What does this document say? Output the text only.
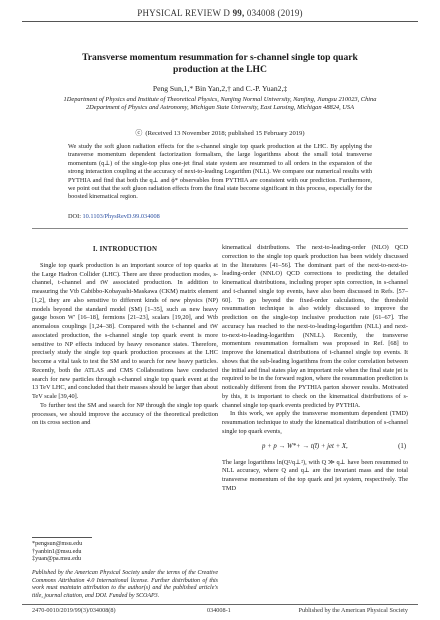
PHYSICAL REVIEW D 99, 034008 (2019)
Transverse momentum resummation for s-channel single top quark production at the LHC
Peng Sun,1,* Bin Yan,2,† and C.-P. Yuan2,‡
1Department of Physics and Institute of Theoretical Physics, Nanjing Normal University, Nanjing, Jiangsu 210023, China
2Department of Physics and Astronomy, Michigan State University, East Lansing, Michigan 48824, USA
ⓒ (Received 13 November 2018; published 15 February 2019)
We study the soft gluon radiation effects for the s-channel single top quark production at the LHC. By applying the transverse momentum dependent factorization formalism, the large logarithms about the small total transverse momentum (q⊥) of the single-top plus one-jet final state system are resummed to all orders in the expansion of the strong interaction coupling at the accuracy of next-to-leading Logarithm (NLL). We compare our numerical results with PYTHIA and find that both the q⊥ and ϕ* observables from PYTHIA are consistent with our prediction. Furthermore, we point out that the soft gluon radiation effects from the final state become significant in this process, especially for the boosted kinematical region.
DOI: 10.1103/PhysRevD.99.034008
I. INTRODUCTION

Single top quark production is an important source of top quarks at the Large Hadron Collider (LHC). There are three production modes, s-channel, t-channel and tW associated production. In addition to measuring the Vtb Cabibbo-Kobayashi-Maskawa (CKM) matrix element [1,2], they are also sensitive to different kinds of new physics (NP) models beyond the standard model (SM) [1–35], such as new heavy gauge boson W′ [16–18], fermions [21–23], scalars [19,20], and Wtb anomalous couplings [1,24–38]. Compared with the t-channel and tW associated production, the s-channel single top quark event is more sensitive to NP effects induced by heavy resonance states. Therefore, precisely study the single top quark production processes at the LHC become a vital task to test the SM and to search for new heavy particles. Recently, both the ATLAS and CMS Collaborations have conducted search for new particles through s-channel single top quark event at the 13 TeV LHC, and concluded that their masses should be larger than about TeV scale [39,40].

To further test the SM and search for NP through the single top quark processes, we should improve the accuracy of the theoretical prediction on its cross section and

kinematical distributions. The next-to-leading-order (NLO) QCD correction to the single top quark production has been widely discussed in the literatures [41–56]. The dominant part of the next-to-next-to-leading-order (NNLO) QCD corrections to predicting the detailed kinematical distributions, including proper spin correction, in s-channel and t-channel single top events, have also been discussed in Refs. [57–60]. To go beyond the fixed-order calculations, the threshold resummation technique is also widely discussed to improve the prediction on the single-top inclusive production rate [61–67]. The accuracy has reached to the next-to-leading-logarithm (NLL) and next-to-next-to-leading-logarithm (NNLL). Recently, the transverse momentum resummation formalism was proposed in Ref. [68] to improve the kinematical distributions of t-channel single top events. It shows that the sub-leading logarithms from the color correlation between the initial and final states play an important role when the final state jet is required to be in the forward region, where the resummation prediction is noticeably different from the PYTHIA parton shower results. Motivated by this, it is important to check on the kinematical distributions of s-channel single top quark events predicted by PYTHIA.

In this work, we apply the transverse momentum dependent (TMD) resummation technique to study the kinematical distribution of s-channel single top quark events,

p + p → W*+ → t(t̄) + jet + X,	(1)

The large logarithms ln(Q²/q⊥²), with Q ≫ q⊥ have been resummed to NLL accuracy, where Q and q⊥ are the invariant mass and the total transverse momentum of the top quark and jet system, respectively. The TMD

*pengsun@msu.edu
†yanbin1@msu.edu
‡yuan@pa.msu.edu
Published by the American Physical Society under the terms of the Creative Commons Attribution 4.0 International license. Further distribution of this work must maintain attribution to the author(s) and the published article's title, journal citation, and DOI. Funded by SCOAP3.
2470-0010/2019/99(3)/034008(8)	034008-1	Published by the American Physical Society
